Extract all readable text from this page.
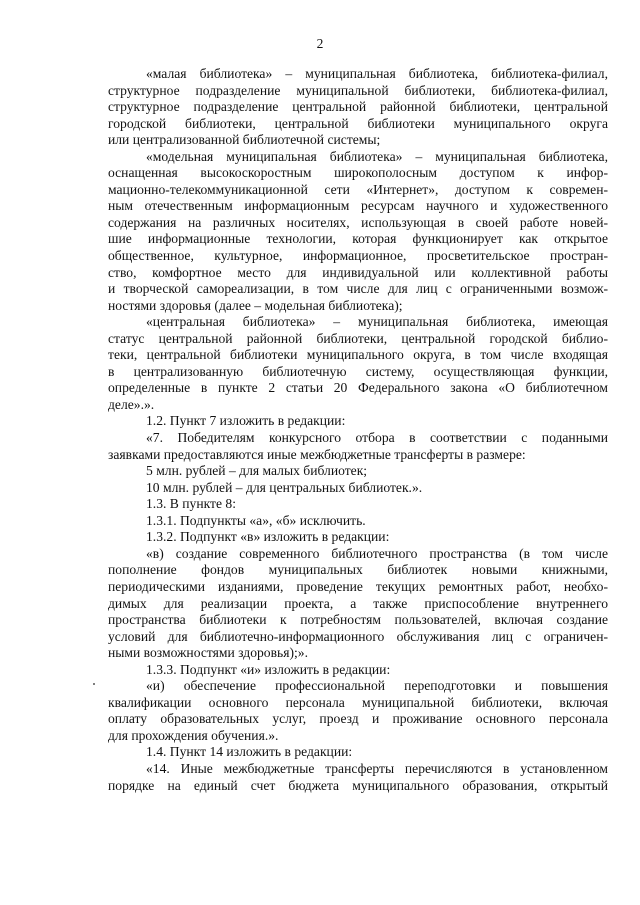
2
«малая библиотека» – муниципальная библиотека, библиотека-филиал,
структурное подразделение муниципальной библиотеки, библиотека-филиал,
структурное подразделение центральной районной библиотеки, центральной
городской библиотеки, центральной библиотеки муниципального округа
или централизованной библиотечной системы;
«модельная муниципальная библиотека» – муниципальная библиотека,
оснащенная высокоскоростным широкополосным доступом к инфор-
мационно-телекоммуникационной сети «Интернет», доступом к современ-
ным отечественным информационным ресурсам научного и художественного
содержания на различных носителях, использующая в своей работе новей-
шие информационные технологии, которая функционирует как открытое
общественное, культурное, информационное, просветительское простран-
ство, комфортное место для индивидуальной или коллективной работы
и творческой самореализации, в том числе для лиц с ограниченными возмож-
ностями здоровья (далее – модельная библиотека);
«центральная библиотека» – муниципальная библиотека, имеющая
статус центральной районной библиотеки, центральной городской библио-
теки, центральной библиотеки муниципального округа, в том числе входящая
в централизованную библиотечную систему, осуществляющая функции,
определенные в пункте 2 статьи 20 Федерального закона «О библиотечном
деле».».
1.2. Пункт 7 изложить в редакции:
«7. Победителям конкурсного отбора в соответствии с поданными
заявками предоставляются иные межбюджетные трансферты в размере:
5 млн. рублей – для малых библиотек;
10 млн. рублей – для центральных библиотек.».
1.3. В пункте 8:
1.3.1. Подпункты «а», «б» исключить.
1.3.2. Подпункт «в» изложить в редакции:
«в) создание современного библиотечного пространства (в том числе
пополнение фондов муниципальных библиотек новыми книжными,
периодическими изданиями, проведение текущих ремонтных работ, необхо-
димых для реализации проекта, а также приспособление внутреннего
пространства библиотеки к потребностям пользователей, включая создание
условий для библиотечно-информационного обслуживания лиц с ограничен-
ными возможностями здоровья);».
1.3.3. Подпункт «и» изложить в редакции:
«и) обеспечение профессиональной переподготовки и повышения
квалификации основного персонала муниципальной библиотеки, включая
оплату образовательных услуг, проезд и проживание основного персонала
для прохождения обучения.».
1.4. Пункт 14 изложить в редакции:
«14. Иные межбюджетные трансферты перечисляются в установленном
порядке на единый счет бюджета муниципального образования, открытый
